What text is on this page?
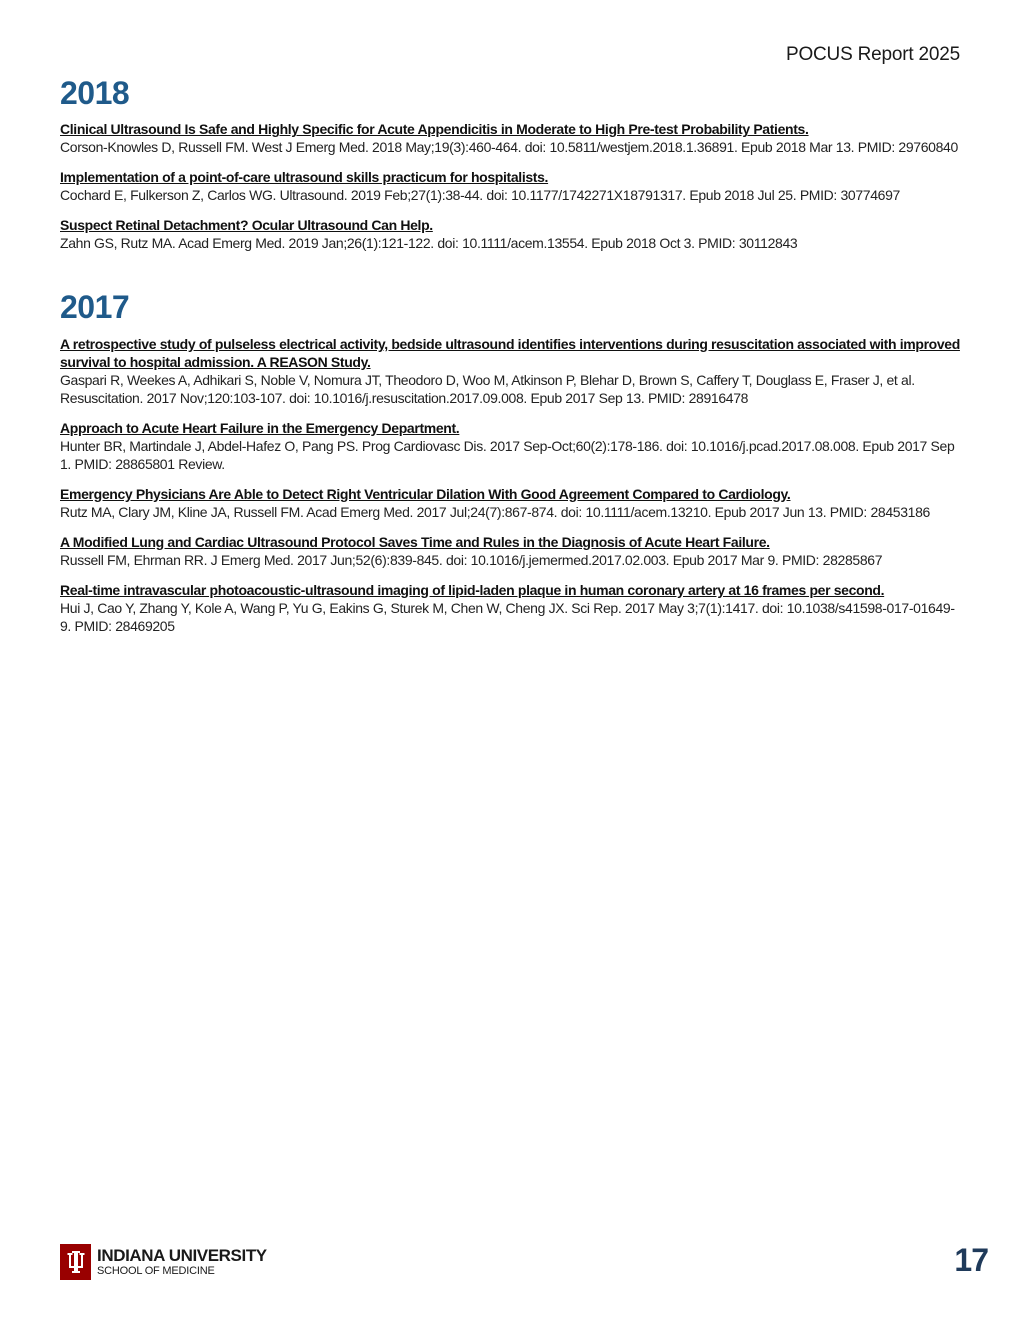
POCUS Report 2025
2018
Clinical Ultrasound Is Safe and Highly Specific for Acute Appendicitis in Moderate to High Pre-test Probability Patients.
Corson-Knowles D, Russell FM. West J Emerg Med. 2018 May;19(3):460-464. doi: 10.5811/westjem.2018.1.36891. Epub 2018 Mar 13. PMID: 29760840
Implementation of a point-of-care ultrasound skills practicum for hospitalists.
Cochard E, Fulkerson Z, Carlos WG. Ultrasound. 2019 Feb;27(1):38-44. doi: 10.1177/1742271X18791317. Epub 2018 Jul 25. PMID: 30774697
Suspect Retinal Detachment? Ocular Ultrasound Can Help.
Zahn GS, Rutz MA. Acad Emerg Med. 2019 Jan;26(1):121-122. doi: 10.1111/acem.13554. Epub 2018 Oct 3. PMID: 30112843
2017
A retrospective study of pulseless electrical activity, bedside ultrasound identifies interventions during resuscitation associated with improved survival to hospital admission. A REASON Study.
Gaspari R, Weekes A, Adhikari S, Noble V, Nomura JT, Theodoro D, Woo M, Atkinson P, Blehar D, Brown S, Caffery T, Douglass E, Fraser J, et al. Resuscitation. 2017 Nov;120:103-107. doi: 10.1016/j.resuscitation.2017.09.008. Epub 2017 Sep 13. PMID: 28916478
Approach to Acute Heart Failure in the Emergency Department.
Hunter BR, Martindale J, Abdel-Hafez O, Pang PS. Prog Cardiovasc Dis. 2017 Sep-Oct;60(2):178-186. doi: 10.1016/j.pcad.2017.08.008. Epub 2017 Sep 1. PMID: 28865801 Review.
Emergency Physicians Are Able to Detect Right Ventricular Dilation With Good Agreement Compared to Cardiology.
Rutz MA, Clary JM, Kline JA, Russell FM. Acad Emerg Med. 2017 Jul;24(7):867-874. doi: 10.1111/acem.13210. Epub 2017 Jun 13. PMID: 28453186
A Modified Lung and Cardiac Ultrasound Protocol Saves Time and Rules in the Diagnosis of Acute Heart Failure.
Russell FM, Ehrman RR. J Emerg Med. 2017 Jun;52(6):839-845. doi: 10.1016/j.jemermed.2017.02.003. Epub 2017 Mar 9. PMID: 28285867
Real-time intravascular photoacoustic-ultrasound imaging of lipid-laden plaque in human coronary artery at 16 frames per second.
Hui J, Cao Y, Zhang Y, Kole A, Wang P, Yu G, Eakins G, Sturek M, Chen W, Cheng JX. Sci Rep. 2017 May 3;7(1):1417. doi: 10.1038/s41598-017-01649-9. PMID: 28469205
INDIANA UNIVERSITY
SCHOOL OF MEDICINE	17
